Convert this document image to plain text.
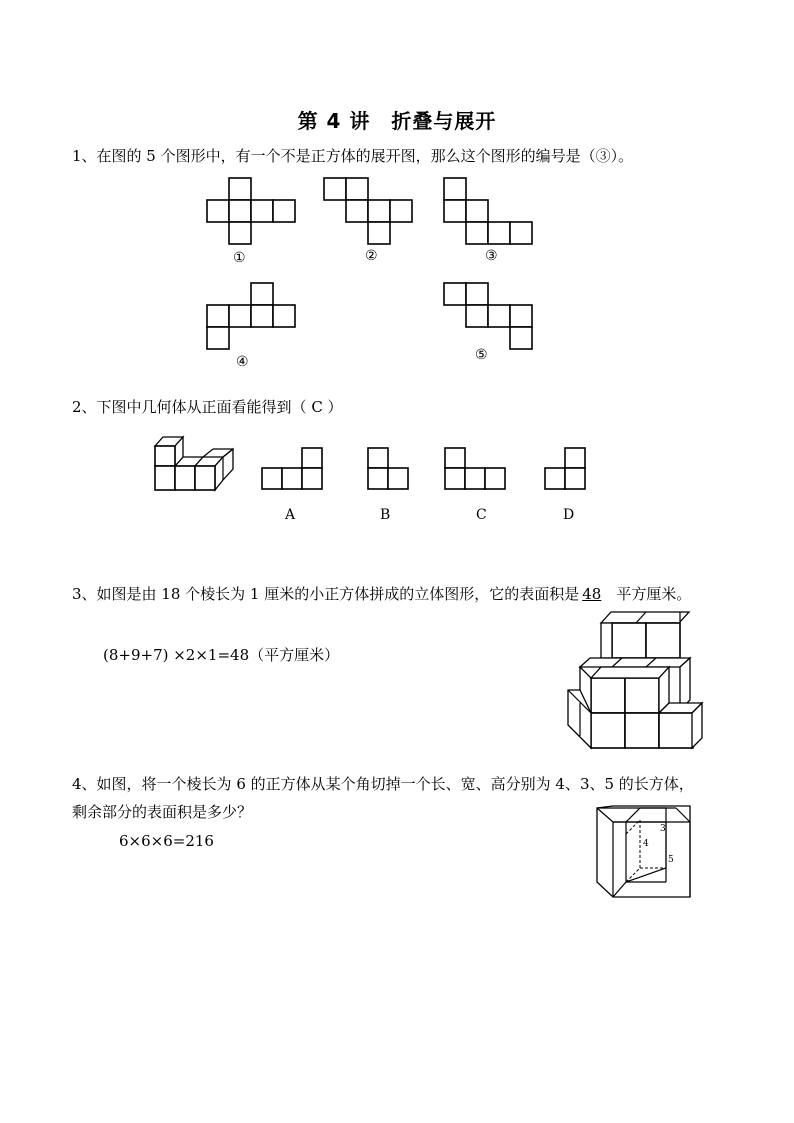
第 4 讲　折叠与展开
1、在图的 5 个图形中，有一个不是正方体的展开图，那么这个图形的编号是（③）。
①	②	③
④	⑤
2、下图中几何体从正面看能得到（ C ）
A	B	C	D
3、如图是由 18 个棱长为 1 厘米的小正方体拼成的立体图形，它的表面积是 48 平方厘米。
(8+9+7) ×2×1=48（平方厘米）
4、如图，将一个棱长为 6 的正方体从某个角切掉一个长、宽、高分别为 4、3、5 的长方体，
剩余部分的表面积是多少？
6×6×6=216
3
4
5
